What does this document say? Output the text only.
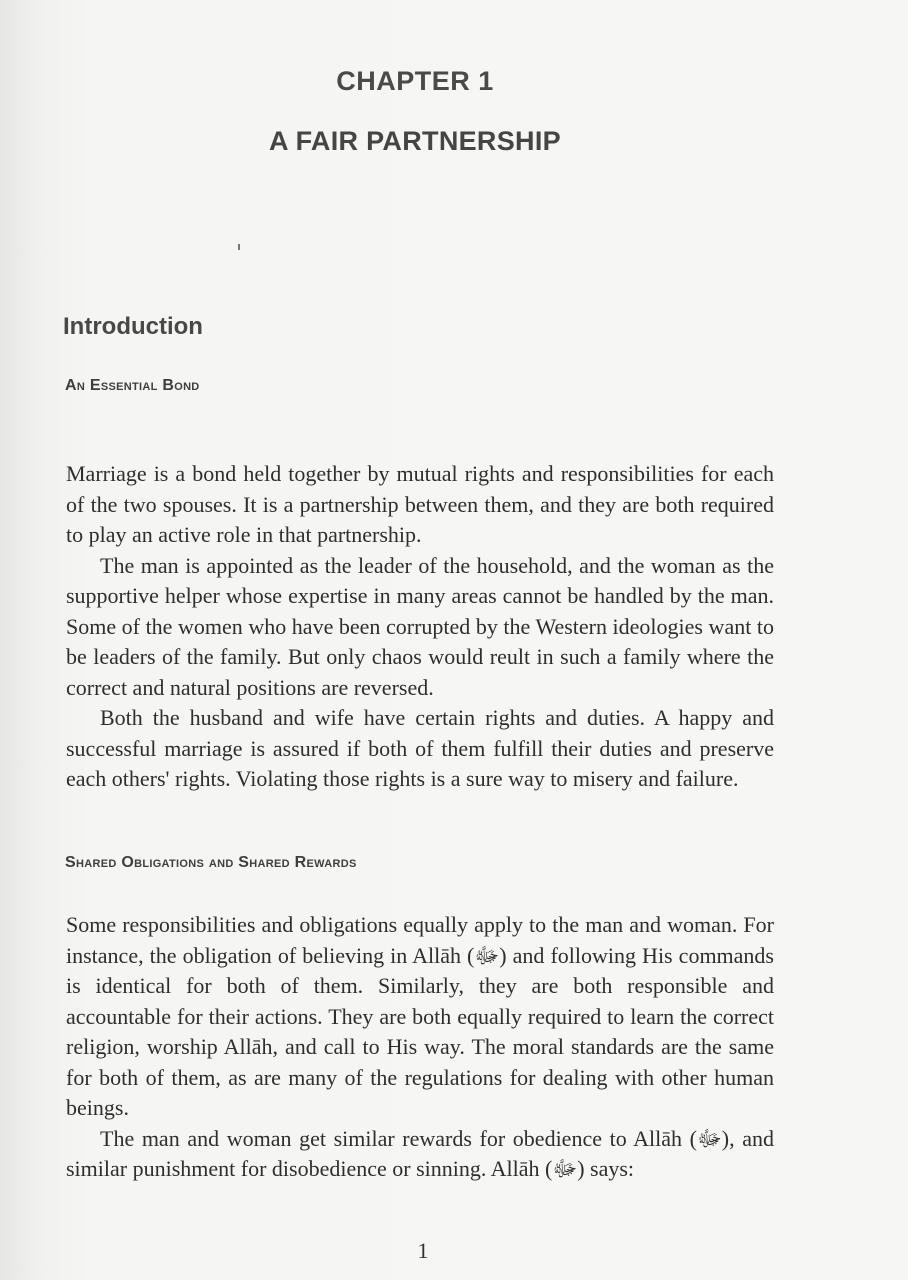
CHAPTER 1
A FAIR PARTNERSHIP
Introduction
An Essential Bond

Marriage is a bond held together by mutual rights and responsibilities for each of the two spouses. It is a partnership between them, and they are both required to play an active role in that partnership.

The man is appointed as the leader of the household, and the woman as the supportive helper whose expertise in many areas cannot be handled by the man. Some of the women who have been corrupted by the Western ideologies want to be leaders of the family. But only chaos would reult in such a family where the correct and natural positions are reversed.

Both the husband and wife have certain rights and duties. A happy and successful marriage is assured if both of them fulfill their duties and preserve each others' rights. Violating those rights is a sure way to misery and failure.

Shared Obligations and Shared Rewards

Some responsibilities and obligations equally apply to the man and woman. For instance, the obligation of believing in Allāh (ﷻ) and following His commands is identical for both of them. Similarly, they are both responsible and accountable for their actions. They are both equally required to learn the correct religion, worship Allāh, and call to His way. The moral standards are the same for both of them, as are many of the regulations for dealing with other human beings.

The man and woman get similar rewards for obedience to Allāh (ﷻ), and similar punishment for disobedience or sinning. Allāh (ﷻ) says:

1
